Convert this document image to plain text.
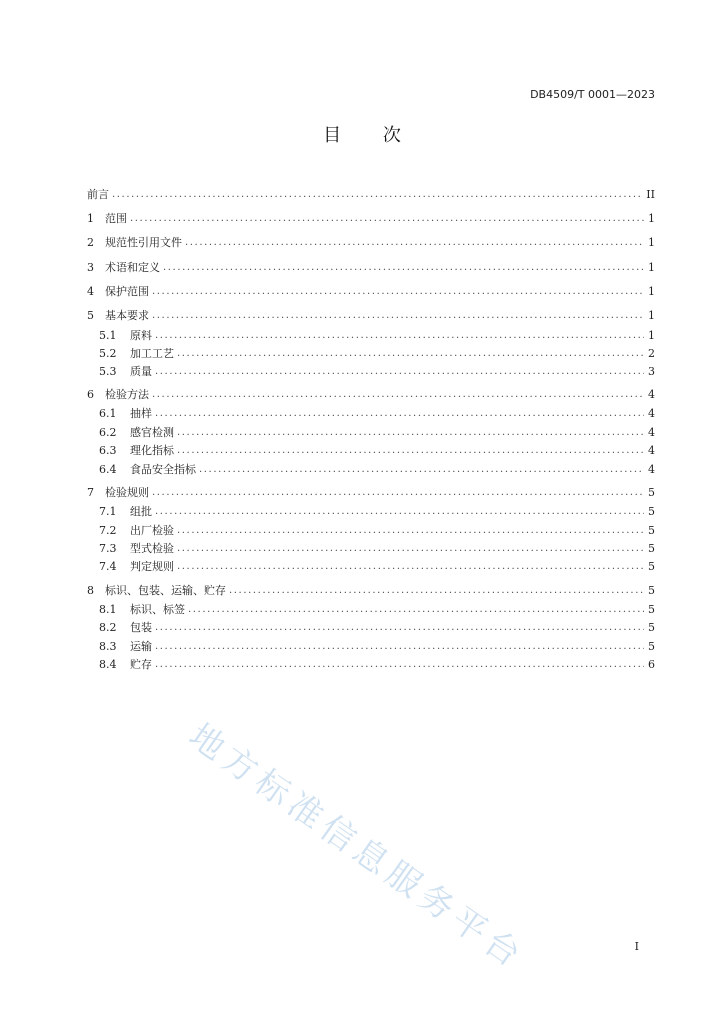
DB4509/T 0001—2023
目 次
前言 .....	II
1	范围 .....	1
2	规范性引用文件 .....	1
3	术语和定义 .....	1
4	保护范围 .....	1
5	基本要求 .....	1
5.1	原料 .....	1
5.2	加工工艺 .....	2
5.3	质量 .....	3
6	检验方法 .....	4
6.1	抽样 .....	4
6.2	感官检测 .....	4
6.3	理化指标 .....	4
6.4	食品安全指标 .....	4
7	检验规则 .....	5
7.1	组批 .....	5
7.2	出厂检验 .....	5
7.3	型式检验 .....	5
7.4	判定规则 .....	5
8	标识、包装、运输、贮存 .....	5
8.1	标识、标签 .....	5
8.2	包装 .....	5
8.3	运输 .....	5
8.4	贮存 .....	6
地方标准信息服务平台	I
